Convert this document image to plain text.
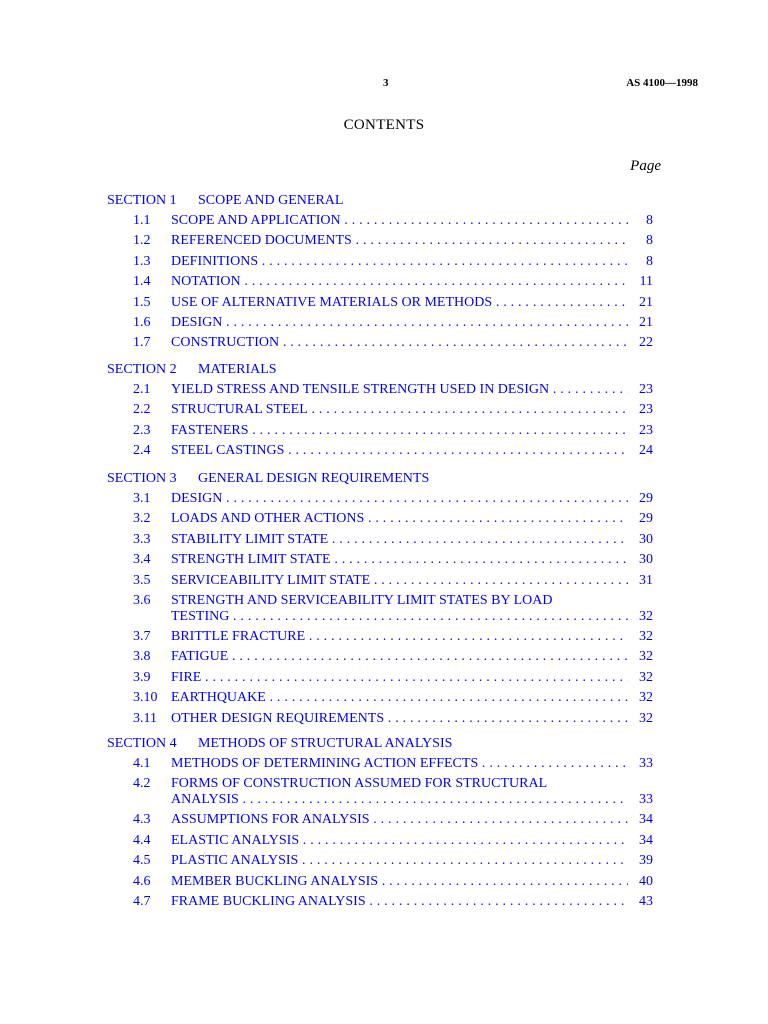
3	AS 4100—1998
CONTENTS
Page
SECTION 1 SCOPE AND GENERAL
1.1 SCOPE AND APPLICATION . . .	8
1.2 REFERENCED DOCUMENTS . . .	8
1.3 DEFINITIONS . . .	8
1.4 NOTATION . . .	11
1.5 USE OF ALTERNATIVE MATERIALS OR METHODS . . .	21
1.6 DESIGN . . .	21
1.7 CONSTRUCTION . . .	22
SECTION 2 MATERIALS
2.1 YIELD STRESS AND TENSILE STRENGTH USED IN DESIGN . . .	23
2.2 STRUCTURAL STEEL . . .	23
2.3 FASTENERS . . .	23
2.4 STEEL CASTINGS . . .	24
SECTION 3 GENERAL DESIGN REQUIREMENTS
3.1 DESIGN . . .	29
3.2 LOADS AND OTHER ACTIONS . . .	29
3.3 STABILITY LIMIT STATE . . .	30
3.4 STRENGTH LIMIT STATE . . .	30
3.5 SERVICEABILITY LIMIT STATE . . .	31
3.6 STRENGTH AND SERVICEABILITY LIMIT STATES BY LOAD
TESTING . . .	32
3.7 BRITTLE FRACTURE . . .	32
3.8 FATIGUE . . .	32
3.9 FIRE . . .	32
3.10 EARTHQUAKE . . .	32
3.11 OTHER DESIGN REQUIREMENTS . . .	32
SECTION 4 METHODS OF STRUCTURAL ANALYSIS
4.1 METHODS OF DETERMINING ACTION EFFECTS . . .	33
4.2 FORMS OF CONSTRUCTION ASSUMED FOR STRUCTURAL
ANALYSIS . . .	33
4.3 ASSUMPTIONS FOR ANALYSIS . . .	34
4.4 ELASTIC ANALYSIS . . .	34
4.5 PLASTIC ANALYSIS . . .	39
4.6 MEMBER BUCKLING ANALYSIS . . .	40
4.7 FRAME BUCKLING ANALYSIS . . .	43
